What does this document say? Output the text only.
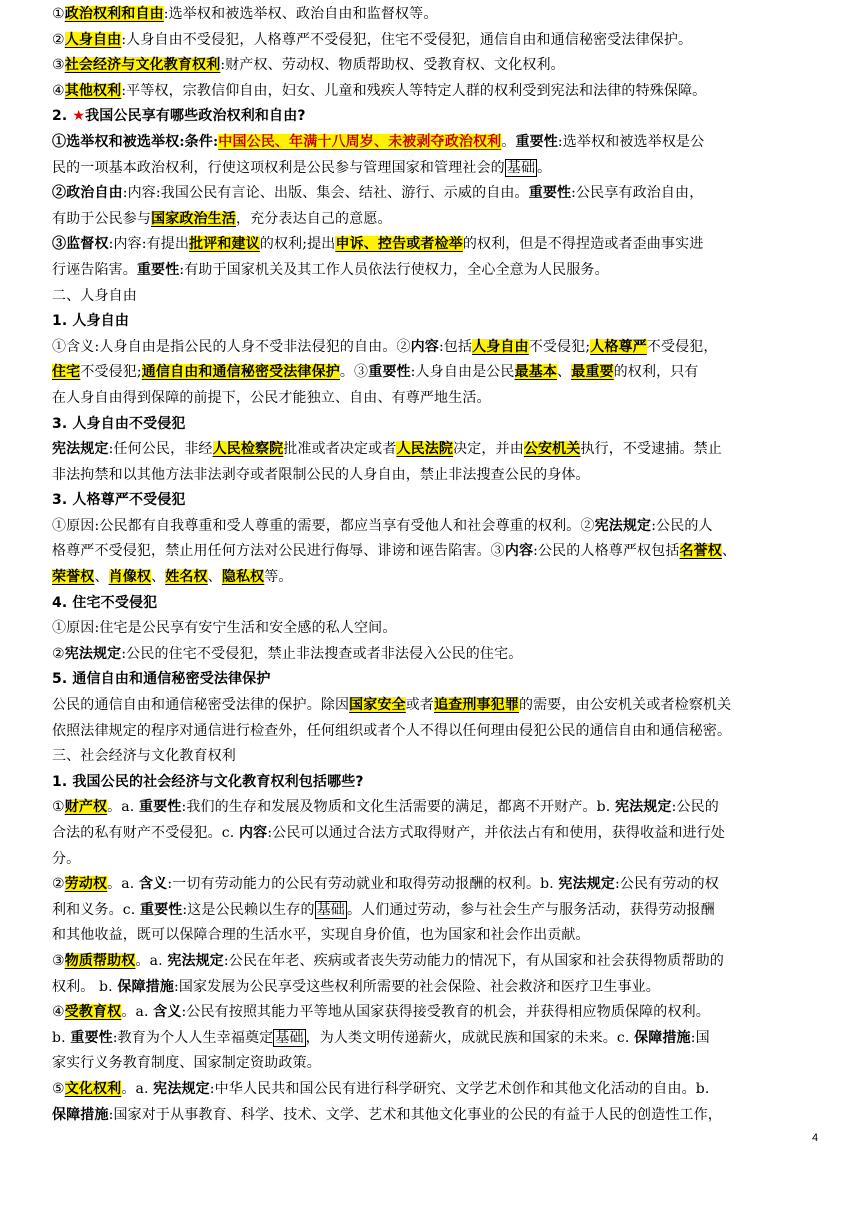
①政治权利和自由:选举权和被选举权、政治自由和监督权等。
②人身自由:人身自由不受侵犯，人格尊严不受侵犯，住宅不受侵犯，通信自由和通信秘密受法律保护。
③社会经济与文化教育权利:财产权、劳动权、物质帮助权、受教育权、文化权利。
④其他权利:平等权，宗教信仰自由，妇女、儿童和残疾人等特定人群的权利受到宪法和法律的特殊保障。
2. ★我国公民享有哪些政治权利和自由?
①选举权和被选举权:条件:中国公民、年满十八周岁、未被剥夺政治权利。重要性:选举权和被选举权是公
民的一项基本政治权利，行使这项权利是公民参与管理国家和管理社会的 基础 。
②政治自由:内容:我国公民有言论、出版、集会、结社、游行、示威的自由。重要性:公民享有政治自由，
有助于公民参与国家政治生活，充分表达自己的意愿。
③监督权:内容:有提出批评和建议的权利;提出申诉、控告或者检举的权利，但是不得捏造或者歪曲事实进
行诬告陷害。重要性:有助于国家机关及其工作人员依法行使权力，全心全意为人民服务。
二、人身自由
1. 人身自由
①含义:人身自由是指公民的人身不受非法侵犯的自由。②内容:包括人身自由不受侵犯;人格尊严不受侵犯，
住宅不受侵犯;通信自由和通信秘密受法律保护。③重要性:人身自由是公民最基本、最重要的权利，只有
在人身自由得到保障的前提下，公民才能独立、自由、有尊严地生活。
3. 人身自由不受侵犯
宪法规定:任何公民，非经人民检察院批准或者决定或者人民法院决定，并由公安机关执行，不受逮捕。禁止
非法拘禁和以其他方法非法剥夺或者限制公民的人身自由，禁止非法搜查公民的身体。
3. 人格尊严不受侵犯
①原因:公民都有自我尊重和受人尊重的需要，都应当享有受他人和社会尊重的权利。②宪法规定:公民的人
格尊严不受侵犯，禁止用任何方法对公民进行侮辱、诽谤和诬告陷害。③内容:公民的人格尊严权包括名誉权、
荣誉权、肖像权、姓名权、隐私权等。
4. 住宅不受侵犯
①原因:住宅是公民享有安宁生活和安全感的私人空间。
②宪法规定:公民的住宅不受侵犯，禁止非法搜查或者非法侵入公民的住宅。
5. 通信自由和通信秘密受法律保护
公民的通信自由和通信秘密受法律的保护。除因国家安全或者追查刑事犯罪的需要，由公安机关或者检察机关
依照法律规定的程序对通信进行检查外，任何组织或者个人不得以任何理由侵犯公民的通信自由和通信秘密。
三、社会经济与文化教育权利
1. 我国公民的社会经济与文化教育权利包括哪些?
①财产权。a. 重要性:我们的生存和发展及物质和文化生活需要的满足，都离不开财产。b. 宪法规定:公民的
合法的私有财产不受侵犯。c. 内容:公民可以通过合法方式取得财产，并依法占有和使用，获得收益和进行处
分。
②劳动权。a. 含义:一切有劳动能力的公民有劳动就业和取得劳动报酬的权利。b. 宪法规定:公民有劳动的权
利和义务。c. 重要性:这是公民赖以生存的 基础 。人们通过劳动，参与社会生产与服务活动，获得劳动报酬
和其他收益，既可以保障合理的生活水平，实现自身价值，也为国家和社会作出贡献。
③物质帮助权。a. 宪法规定:公民在年老、疾病或者丧失劳动能力的情况下，有从国家和社会获得物质帮助的
权利。 b. 保障措施:国家发展为公民享受这些权利所需要的社会保险、社会救济和医疗卫生事业。
④受教育权。a. 含义:公民有按照其能力平等地从国家获得接受教育的机会，并获得相应物质保障的权利。
b. 重要性:教育为个人人生幸福奠定 基础 ，为人类文明传递薪火，成就民族和国家的未来。c. 保障措施:国
家实行义务教育制度、国家制定资助政策。
⑤文化权利。a. 宪法规定:中华人民共和国公民有进行科学研究、文学艺术创作和其他文化活动的自由。b.
保障措施:国家对于从事教育、科学、技术、文学、艺术和其他文化事业的公民的有益于人民的创造性工作，
4
